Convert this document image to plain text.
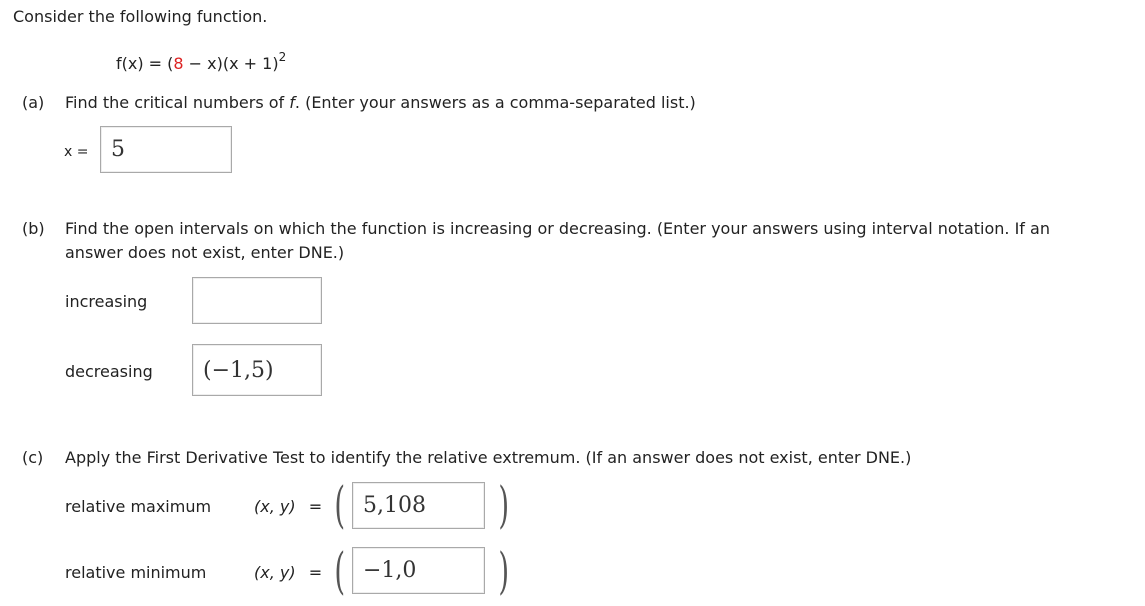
Consider the following function.
$f(x) = (8 - x)(x + 1)^2$
(a) Find the critical numbers of f. (Enter your answers as a comma-separated list.)
x =	5
(b) Find the open intervals on which the function is increasing or decreasing. (Enter your answers using interval notation. If an
answer does not exist, enter DNE.)
increasing
decreasing	(−1,5)
(c) Apply the First Derivative Test to identify the relative extremum. (If an answer does not exist, enter DNE.)
relative maximum	(x, y) = ( 5,108	)
relative minimum	(x, y) = ( −1,0	)
